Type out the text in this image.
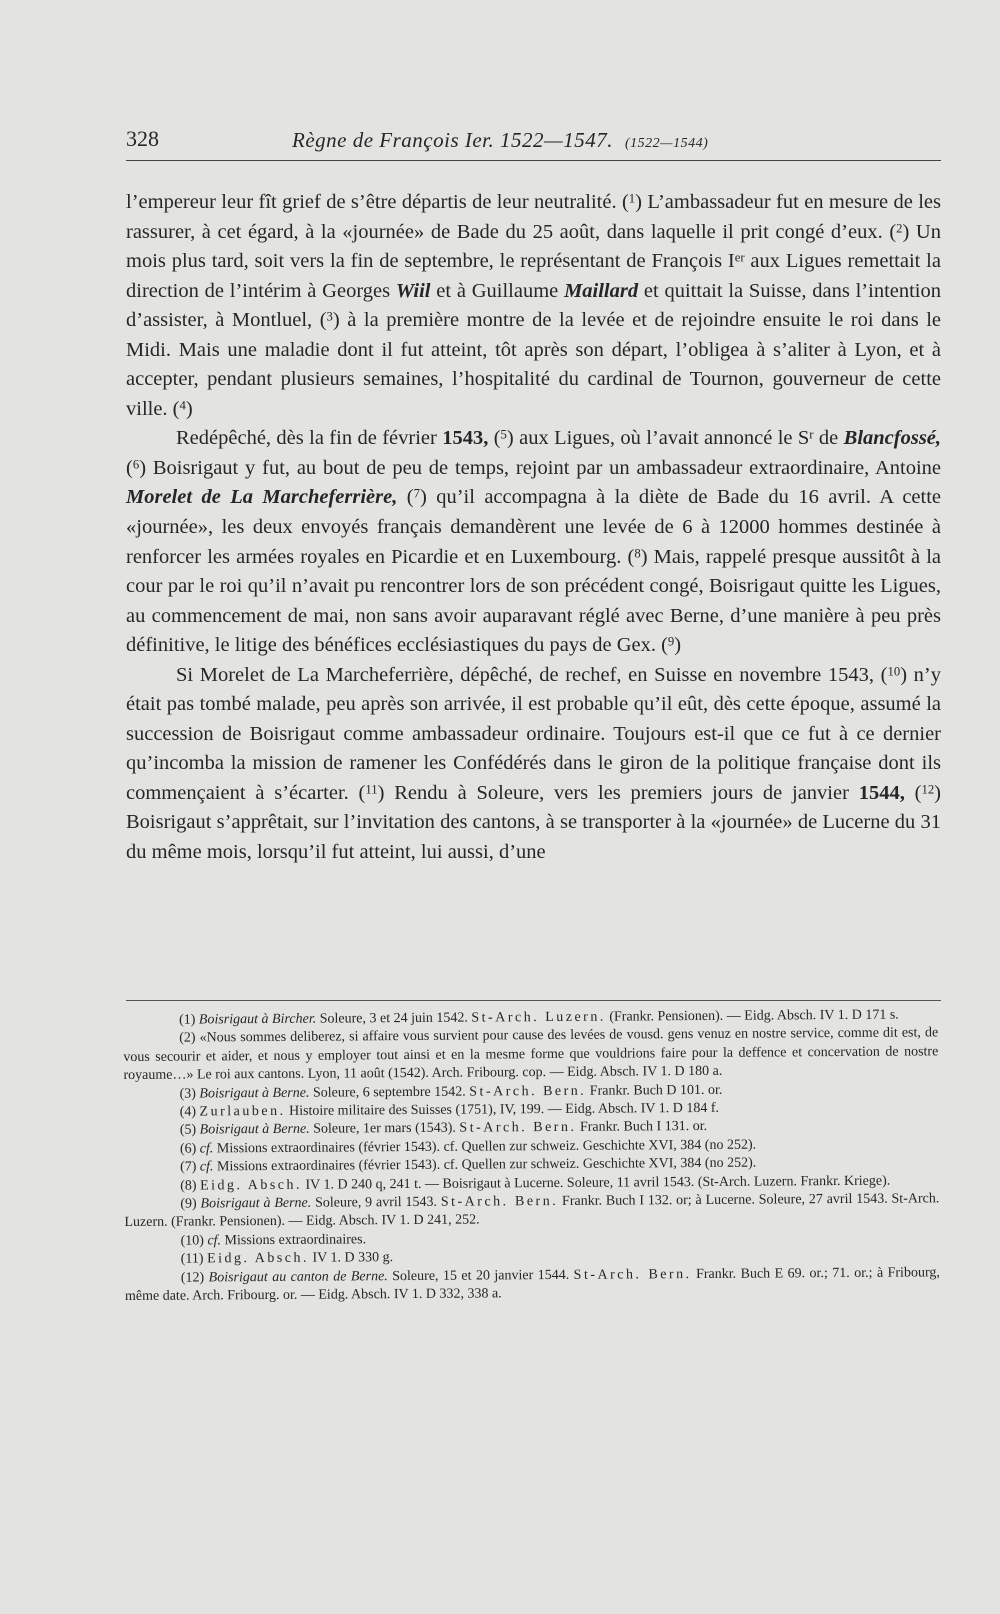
328	Règne de François Ier. 1522—1547. (1522—1544)

l’empereur leur fît grief de s’être départis de leur neutralité. ($^1$) L’ambassadeur fut en mesure de les rassurer, à cet égard, à la «journée» de Bade du 25 août, dans laquelle il prit congé d’eux. ($^2$) Un mois plus tard, soit vers la fin de septembre, le représentant de François Ier aux Ligues remettait la direction de l’intérim à Georges Wiil et à Guillaume Maillard et quittait la Suisse, dans l’intention d’assister, à Montluel, ($^3$) à la première montre de la levée et de rejoindre ensuite le roi dans le Midi. Mais une maladie dont il fut atteint, tôt après son départ, l’obligea à s’aliter à Lyon, et à accepter, pendant plusieurs semaines, l’hospitalité du cardinal de Tournon, gouverneur de cette ville. ($^4$)

Redépêché, dès la fin de février 1543, ($^5$) aux Ligues, où l’avait annoncé le $S^r$ de Blancfossé, ($^6$) Boisrigaut y fut, au bout de peu de temps, rejoint par un ambassadeur extraordinaire, Antoine Morelet de La Marcheferrière, ($^7$) qu’il accompagna à la diète de Bade du 16 avril. A cette «journée», les deux envoyés français demandèrent une levée de 6 à 12000 hommes destinée à renforcer les armées royales en Picardie et en Luxembourg. ($^8$) Mais, rappelé presque aussitôt à la cour par le roi qu’il n’avait pu rencontrer lors de son précédent congé, Boisrigaut quitte les Ligues, au commencement de mai, non sans avoir auparavant réglé avec Berne, d’une manière à peu près définitive, le litige des bénéfices ecclésiastiques du pays de Gex. ($^9$)

Si Morelet de La Marcheferrière, dépêché, de rechef, en Suisse en novembre 1543, ($^{10}$) n’y était pas tombé malade, peu après son arrivée, il est probable qu’il eût, dès cette époque, assumé la succession de Boisrigaut comme ambassadeur ordinaire. Toujours est-il que ce fut à ce dernier qu’incomba la mission de ramener les Confédérés dans le giron de la politique française dont ils commençaient à s’écarter. ($^{11}$) Rendu à Soleure, vers les premiers jours de janvier 1544, ($^{12}$) Boisrigaut s’apprêtait, sur l’invitation des cantons, à se transporter à la «journée» de Lucerne du 31 du même mois, lorsqu’il fut atteint, lui aussi, d’une

(1) Boisrigaut à Bircher. Soleure, 3 et 24 juin 1542. St-Arch. Luzern. (Frankr. Pensionen). — Eidg. Absch. IV 1. D 171 s.

(2) «Nous sommes deliberez, si affaire vous survient pour cause des levées de vousd. gens venuz en nostre service, comme dit est, de vous secourir et aider, et nous y employer tout ainsi et en la mesme forme que vouldrions faire pour la deffence et concervation de nostre royaume…» Le roi aux cantons. Lyon, 11 août (1542). Arch. Fribourg. cop. — Eidg. Absch. IV 1. D 180 a.

(3) Boisrigaut à Berne. Soleure, 6 septembre 1542. St-Arch. Bern. Frankr. Buch D 101. or.

(4) Zurlauben. Histoire militaire des Suisses (1751), IV, 199. — Eidg. Absch. IV 1. D 184 f.

(5) Boisrigaut à Berne. Soleure, 1er mars (1543). St-Arch. Bern. Frankr. Buch I 131. or.

(6) cf. Missions extraordinaires (février 1543). cf. Quellen zur schweiz. Geschichte XVI, 384 (no 252).

(7) cf. Missions extraordinaires (février 1543). cf. Quellen zur schweiz. Geschichte XVI, 384 (no 252).

(8) Eidg. Absch. IV 1. D 240 q, 241 t. — Boisrigaut à Lucerne. Soleure, 11 avril 1543. (St-Arch. Luzern. Frankr. Kriege).

(9) Boisrigaut à Berne. Soleure, 9 avril 1543. St-Arch. Bern. Frankr. Buch I 132. or; à Lucerne. Soleure, 27 avril 1543. St-Arch. Luzern. (Frankr. Pensionen). — Eidg. Absch. IV 1. D 241, 252.

(10) cf. Missions extraordinaires.

(11) Eidg. Absch. IV 1. D 330 g.

(12) Boisrigaut au canton de Berne. Soleure, 15 et 20 janvier 1544. St-Arch. Bern. Frankr. Buch E 69. or.; 71. or.; à Fribourg, même date. Arch. Fribourg. or. — Eidg. Absch. IV 1. D 332, 338 a.
